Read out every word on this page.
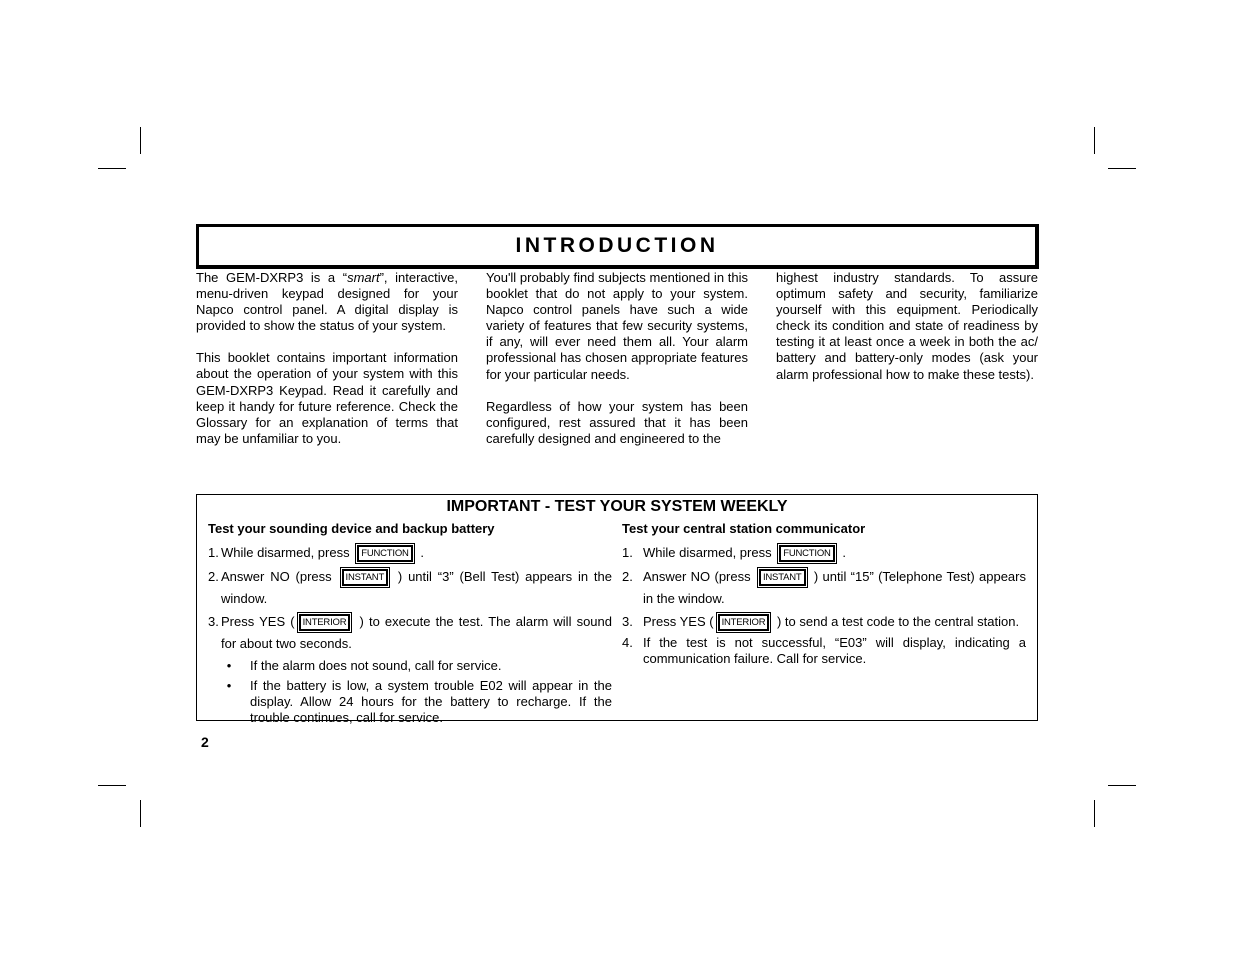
INTRODUCTION

The GEM-DXRP3 is a “smart”, interactive, menu-driven keypad designed for your Napco control panel. A digital display is provided to show the status of your system.

This booklet contains important information about the operation of your system with this GEM-DXRP3 Keypad. Read it carefully and keep it handy for future reference. Check the Glossary for an explanation of terms that may be unfamiliar to you.

You'll probably find subjects mentioned in this booklet that do not apply to your system. Napco control panels have such a wide variety of features that few security systems, if any, will ever need them all. Your alarm professional has chosen appropriate features for your particular needs.

Regardless of how your system has been configured, rest assured that it has been carefully designed and engineered to the

highest industry standards. To assure optimum safety and security, familiarize yourself with this equipment. Periodically check its condition and state of readiness by testing it at least once a week in both the ac/ battery and battery-only modes (ask your alarm professional how to make these tests).

IMPORTANT - TEST YOUR SYSTEM WEEKLY
Test your sounding device and backup battery	Test your central station communicator
1. While disarmed, press FUNCTION .
2. Answer NO (press INSTANT ) until “3” (Bell Test) appears in the window.
3. Press YES ( INTERIOR ) to execute the test. The alarm will sound for about two seconds.
•	If the alarm does not sound, call for service.
•	If the battery is low, a system trouble E02 will appear in the display. Allow 24 hours for the battery to recharge. If the trouble continues, call for service.
1. While disarmed, press FUNCTION .
2. Answer NO (press INSTANT ) until “15” (Telephone Test) appears in the window.
3. Press YES ( INTERIOR ) to send a test code to the central station.
4. If the test is not successful, “E03” will display, indicating a communication failure. Call for service.
2
